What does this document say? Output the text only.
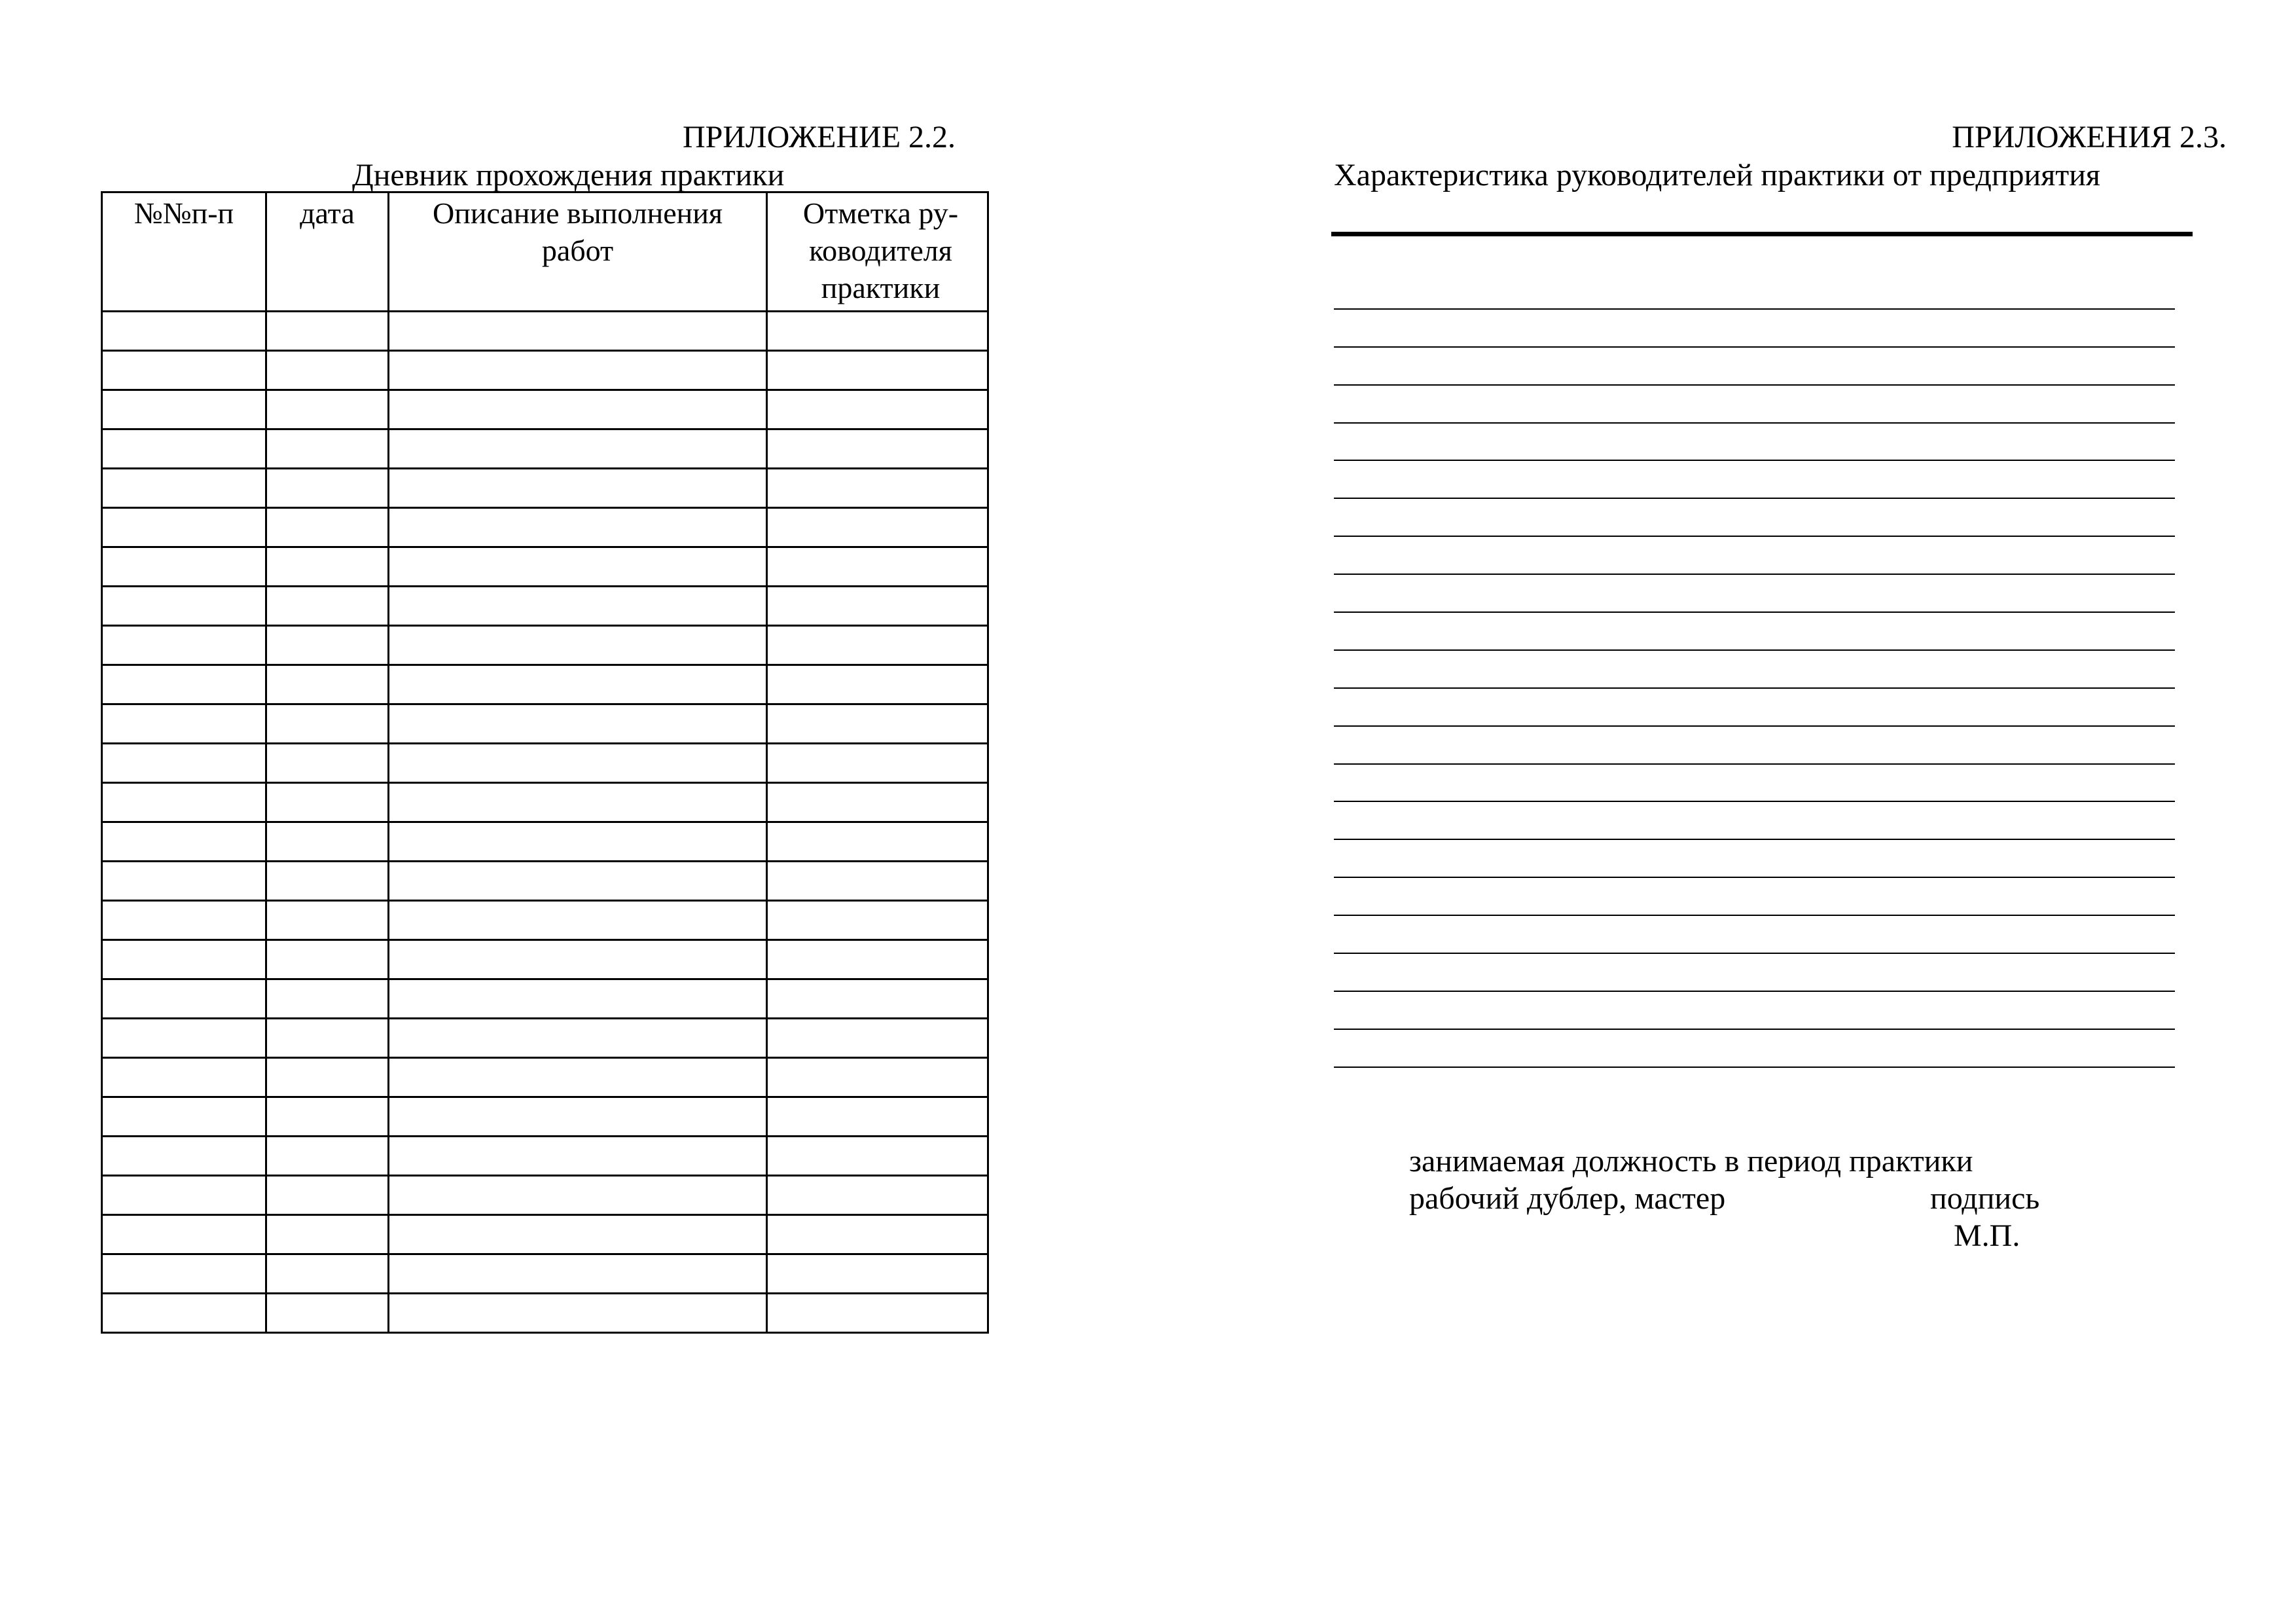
ПРИЛОЖЕНИЕ 2.2.
Дневник прохождения практики
№№п-п	дата	Описание выполнения работ	Отметка ру-ководителя практики

ПРИЛОЖЕНИЯ 2.3.
Характеристика руководителей практики от предприятия
занимаемая должность в период практики
рабочий дублер, мастер	подпись
М.П.
